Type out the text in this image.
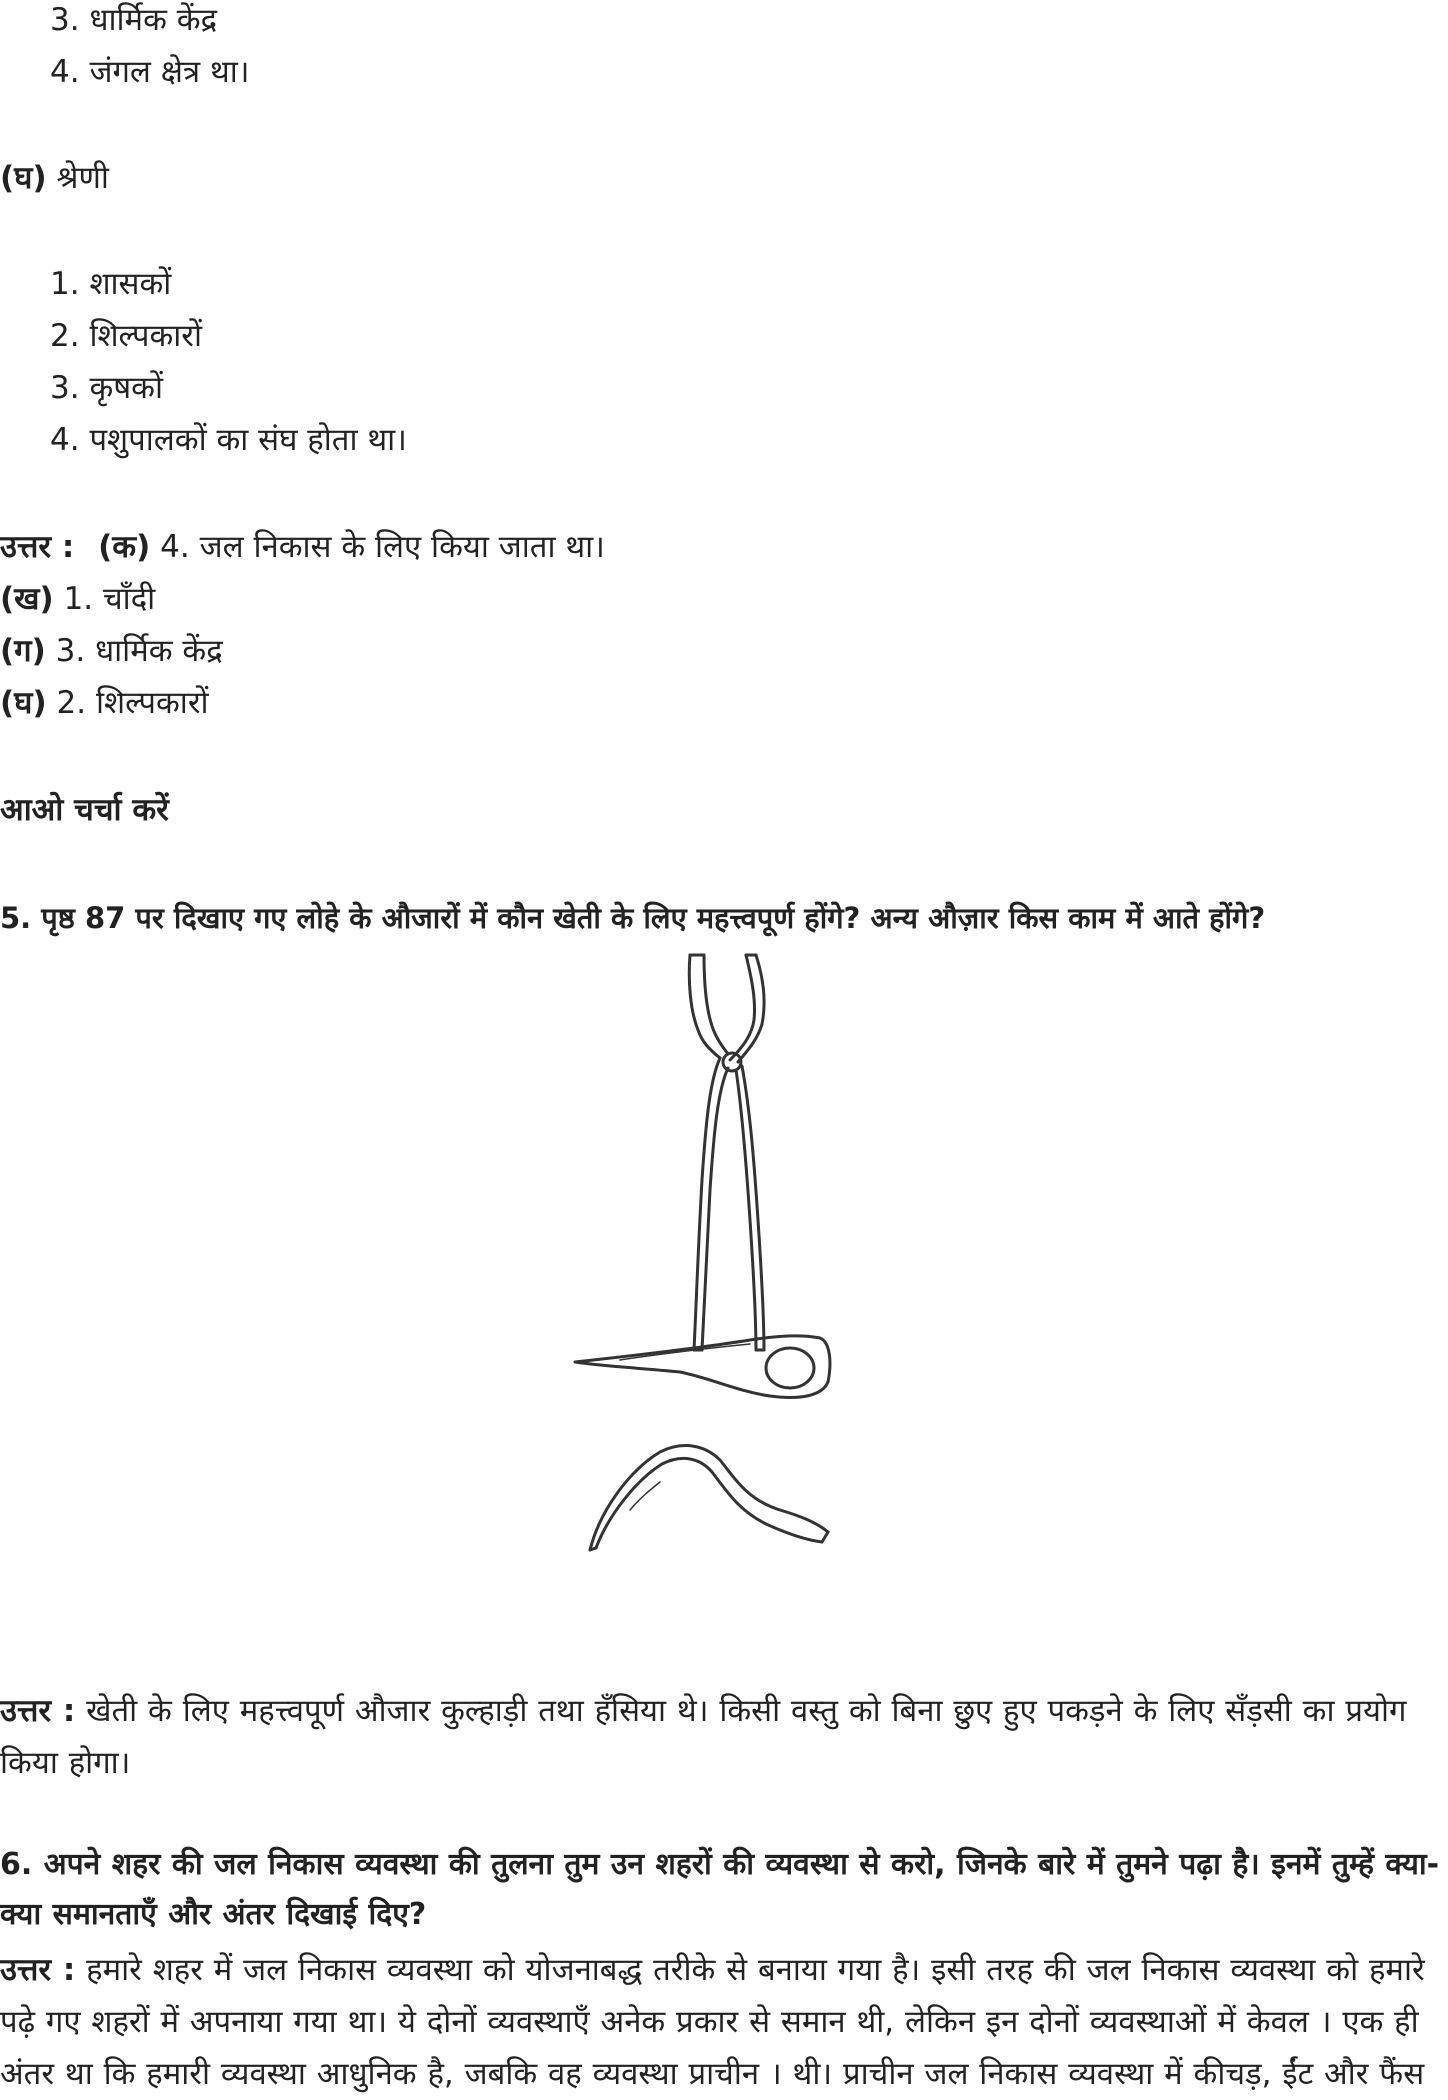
3. धार्मिक केंद्र
4. जंगल क्षेत्र था।
(घ) श्रेणी
1. शासकों
2. शिल्पकारों
3. कृषकों
4. पशुपालकों का संघ होता था।
उत्तर : (क) 4. जल निकास के लिए किया जाता था।
(ख) 1. चाँदी
(ग) 3. धार्मिक केंद्र
(घ) 2. शिल्पकारों
आओ चर्चा करें
5. पृष्ठ 87 पर दिखाए गए लोहे के औजारों में कौन खेती के लिए महत्त्वपूर्ण होंगे? अन्य औज़ार किस काम में आते होंगे?
उत्तर : खेती के लिए महत्त्वपूर्ण औजार कुल्हाड़ी तथा हँसिया थे। किसी वस्तु को बिना छुए हुए पकड़ने के लिए सँड़सी का प्रयोग किया होगा।
6. अपने शहर की जल निकास व्यवस्था की तुलना तुम उन शहरों की व्यवस्था से करो, जिनके बारे में तुमने पढ़ा है। इनमें तुम्हें क्या-क्या समानताएँ और अंतर दिखाई दिए?
उत्तर : हमारे शहर में जल निकास व्यवस्था को योजनाबद्ध तरीके से बनाया गया है। इसी तरह की जल निकास व्यवस्था को हमारे पढ़े गए शहरों में अपनाया गया था। ये दोनों व्यवस्थाएँ अनेक प्रकार से समान थी, लेकिन इन दोनों व्यवस्थाओं में केवल । एक ही अंतर था कि हमारी व्यवस्था आधुनिक है, जबकि वह व्यवस्था प्राचीन । थी। प्राचीन जल निकास व्यवस्था में कीचड़, ईंट और फैंस
